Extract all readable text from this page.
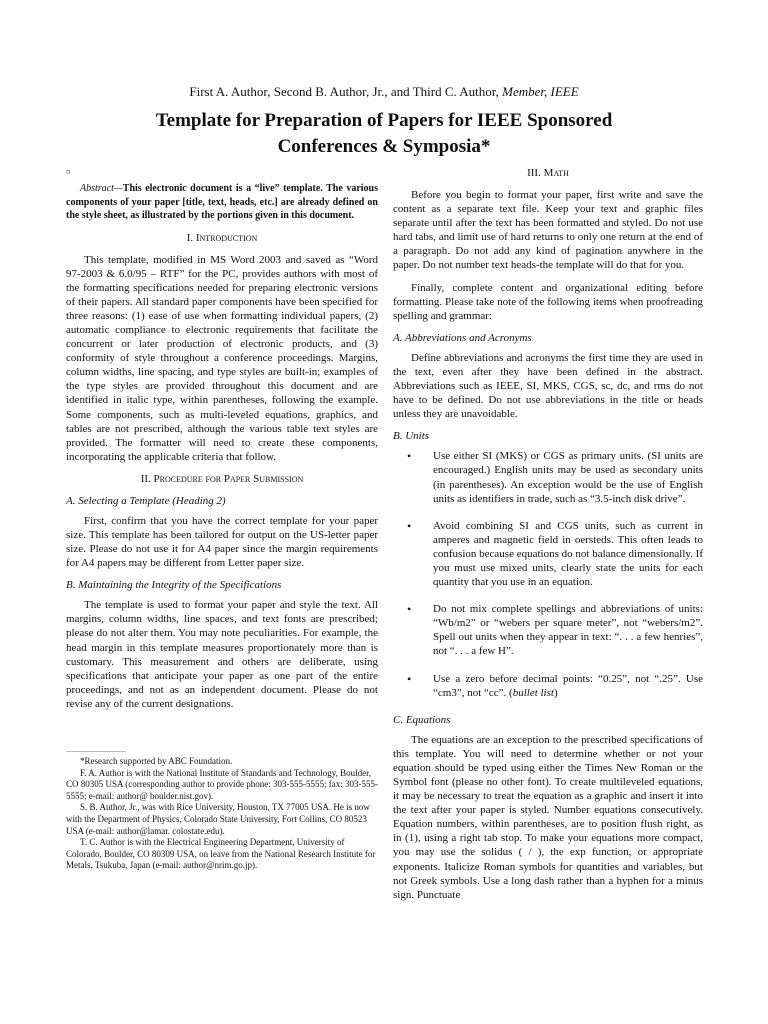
First A. Author, Second B. Author, Jr., and Third C. Author, Member, IEEE
Template for Preparation of Papers for IEEE Sponsored Conferences & Symposia*
¤

Abstract—This electronic document is a “live” template. The various components of your paper [title, text, heads, etc.] are already defined on the style sheet, as illustrated by the portions given in this document.

I. Introduction

This template, modified in MS Word 2003 and saved as “Word 97-2003 & 6.0/95 – RTF” for the PC, provides authors with most of the formatting specifications needed for preparing electronic versions of their papers. All standard paper components have been specified for three reasons: (1) ease of use when formatting individual papers, (2) automatic compliance to electronic requirements that facilitate the concurrent or later production of electronic products, and (3) conformity of style throughout a conference proceedings. Margins, column widths, line spacing, and type styles are built-in; examples of the type styles are provided throughout this document and are identified in italic type, within parentheses, following the example. Some components, such as multi-leveled equations, graphics, and tables are not prescribed, although the various table text styles are provided. The formatter will need to create these components, incorporating the applicable criteria that follow.

II. Procedure for Paper Submission
A. Selecting a Template (Heading 2)

First, confirm that you have the correct template for your paper size. This template has been tailored for output on the US-letter paper size. Please do not use it for A4 paper since the margin requirements for A4 papers may be different from Letter paper size.

B. Maintaining the Integrity of the Specifications

The template is used to format your paper and style the text. All margins, column widths, line spaces, and text fonts are prescribed; please do not alter them. You may note peculiarities. For example, the head margin in this template measures proportionately more than is customary. This measurement and others are deliberate, using specifications that anticipate your paper as one part of the entire proceedings, and not as an independent document. Please do not revise any of the current designations.

*Research supported by ABC Foundation.

F. A. Author is with the National Institute of Standards and Technology, Boulder, CO 80305 USA (corresponding author to provide phone: 303-555-5555; fax: 303-555-5555; e-mail: author@ boulder.nist.gov).

S. B. Author, Jr., was with Rice University, Houston, TX 77005 USA. He is now with the Department of Physics, Colorado State University, Fort Collins, CO 80523 USA (e-mail: author@lamar. colostate.edu).

T. C. Author is with the Electrical Engineering Department, University of Colorado, Boulder, CO 80309 USA, on leave from the National Research Institute for Metals, Tsukuba, Japan (e-mail: author@nrim.go.jp).

III. Math

Before you begin to format your paper, first write and save the content as a separate text file. Keep your text and graphic files separate until after the text has been formatted and styled. Do not use hard tabs, and limit use of hard returns to only one return at the end of a paragraph. Do not add any kind of pagination anywhere in the paper. Do not number text heads-the template will do that for you.

Finally, complete content and organizational editing before formatting. Please take note of the following items when proofreading spelling and grammar:

A. Abbreviations and Acronyms

Define abbreviations and acronyms the first time they are used in the text, even after they have been defined in the abstract. Abbreviations such as IEEE, SI, MKS, CGS, sc, dc, and rms do not have to be defined. Do not use abbreviations in the title or heads unless they are unavoidable.

B. Units
• Use either SI (MKS) or CGS as primary units. (SI units are encouraged.) English units may be used as secondary units (in parentheses). An exception would be the use of English units as identifiers in trade, such as “3.5-inch disk drive”.
• Avoid combining SI and CGS units, such as current in amperes and magnetic field in oersteds. This often leads to confusion because equations do not balance dimensionally. If you must use mixed units, clearly state the units for each quantity that you use in an equation.
• Do not mix complete spellings and abbreviations of units: “Wb/m2” or “webers per square meter”, not “webers/m2”. Spell out units when they appear in text: “. . . a few henries”, not “. . . a few H”.
• Use a zero before decimal points: “0.25”, not “.25”. Use “cm3”, not “cc”. (bullet list)
C. Equations

The equations are an exception to the prescribed specifications of this template. You will need to determine whether or not your equation should be typed using either the Times New Roman or the Symbol font (please no other font). To create multileveled equations, it may be necessary to treat the equation as a graphic and insert it into the text after your paper is styled. Number equations consecutively. Equation numbers, within parentheses, are to position flush right, as in (1), using a right tab stop. To make your equations more compact, you may use the solidus ( / ), the exp function, or appropriate exponents. Italicize Roman symbols for quantities and variables, but not Greek symbols. Use a long dash rather than a hyphen for a minus sign. Punctuate
